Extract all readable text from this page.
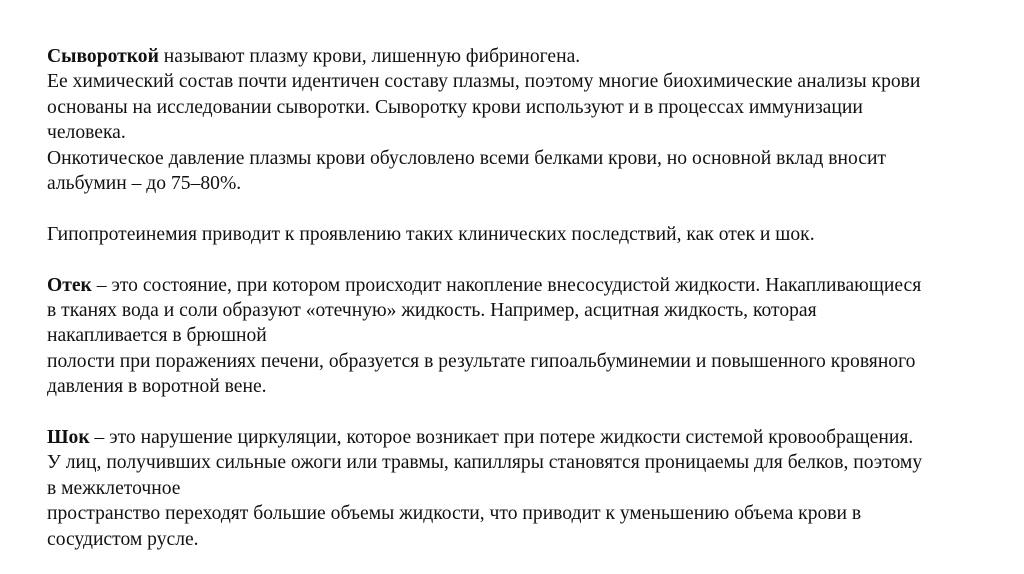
Сывороткой называют плазму крови, лишенную фибриногена.
Ее химический состав почти идентичен составу плазмы, поэтому многие биохимические анализы крови
основаны на исследовании сыворотки. Сыворотку крови используют и в процессах иммунизации
человека.
Онкотическое давление плазмы крови обусловлено всеми белками крови, но основной вклад вносит
альбумин – до 75–80%.
Гипопротеинемия приводит к проявлению таких клинических последствий, как отек и шок.
Отек – это состояние, при котором происходит накопление внесосудистой жидкости. Накапливающиеся
в тканях вода и соли образуют «отечную» жидкость. Например, асцитная жидкость, которая
накапливается в брюшной
полости при поражениях печени, образуется в результате гипоальбуминемии и повышенного кровяного
давления в воротной вене.
Шок – это нарушение циркуляции, которое возникает при потере жидкости системой кровообращения.
У лиц, получивших сильные ожоги или травмы, капилляры становятся проницаемы для белков, поэтому
в межклеточное
пространство переходят большие объемы жидкости, что приводит к уменьшению объема крови в
сосудистом русле.
